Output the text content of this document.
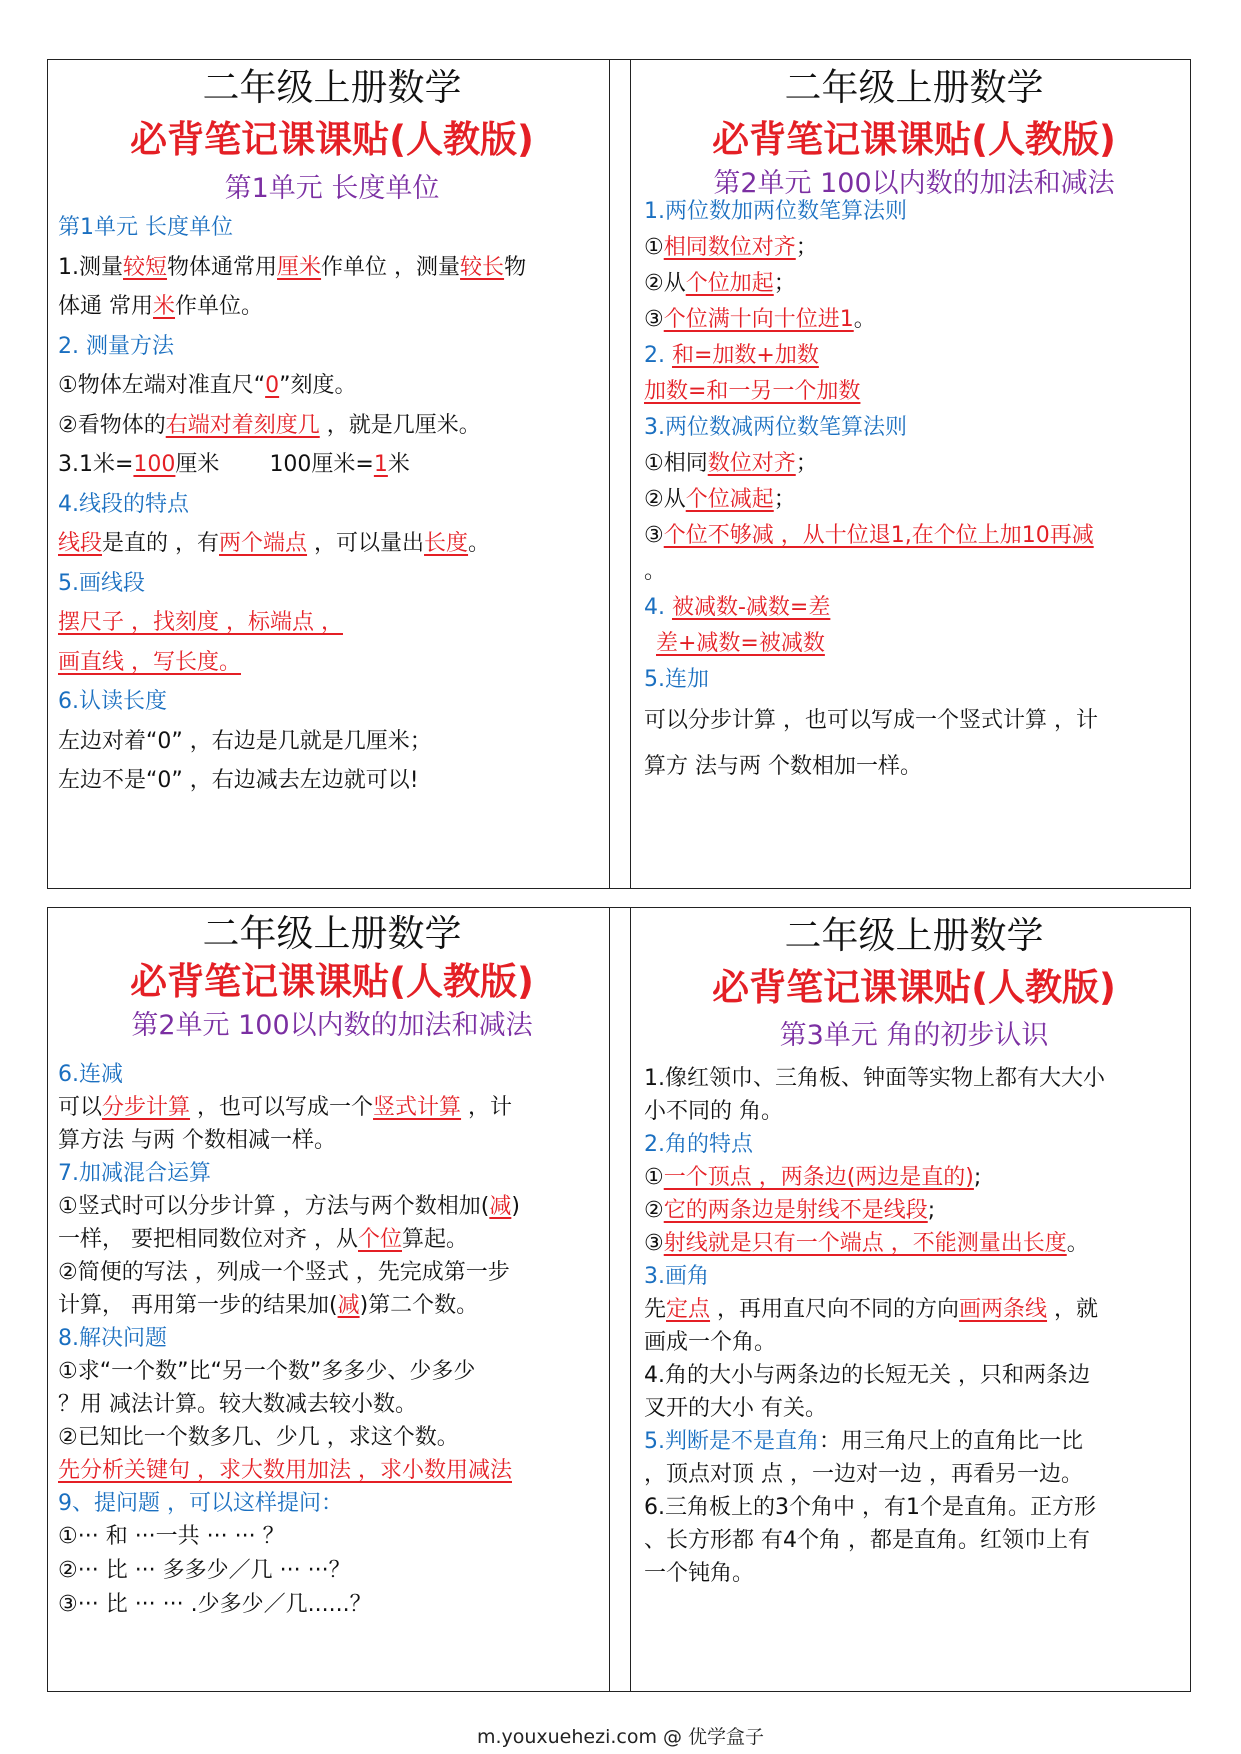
二年级上册数学
必背笔记课课贴(人教版)
第1单元 长度单位
第1单元 长度单位
1.测量较短物体通常用厘米作单位 ，测量较长物
体通 常用米作单位。
2. 测量方法
①物体左端对准直尺“0”刻度。
②看物体的右端对着刻度几 ，就是几厘米。
3.1米=100厘米 100厘米=1米
4.线段的特点
线段是直的 ，有两个端点 ，可以量出长度。
5.画线段
摆尺子 ，找刻度 ，标端点 ，
画直线 ，写长度。
6.认读长度
左边对着“0” ，右边是几就是几厘米；
左边不是“0” ，右边减去左边就可以!
二年级上册数学
必背笔记课课贴(人教版)
第2单元 100以内数的加法和减法
1.两位数加两位数笔算法则
①相同数位对齐；
②从个位加起；
③个位满十向十位进1。
2. 和=加数+加数
加数=和一另一个加数
3.两位数减两位数笔算法则
①相同数位对齐；
②从个位减起；
③个位不够减 ，从十位退1,在个位上加10再减
。
4. 被减数-减数=差
差+减数=被减数
5.连加
可以分步计算 ，也可以写成一个竖式计算 ，计
算方 法与两 个数相加一样。
二年级上册数学
必背笔记课课贴(人教版)
第2单元 100以内数的加法和减法
6.连减
可以分步计算 ，也可以写成一个竖式计算 ，计
算方法 与两 个数相减一样。
7.加减混合运算
①竖式时可以分步计算 ，方法与两个数相加(减)
一样， 要把相同数位对齐 ，从个位算起。
②简便的写法 ，列成一个竖式 ，先完成第一步
计算， 再用第一步的结果加(减)第二个数。
8.解决问题
①求“一个数”比“另一个数”多多少、少多少
？用 减法计算。较大数减去较小数。
②已知比一个数多几、少几 ，求这个数。
先分析关键句 ，求大数用加法 ，求小数用减法
9、提问题 ，可以这样提问：
①··· 和 ···一共 ··· ··· ？
②··· 比 ··· 多多少／几 ··· ···？
③··· 比 ··· ··· .少多少／几......？
二年级上册数学
必背笔记课课贴(人教版)
第3单元 角的初步认识
1.像红领巾、三角板、钟面等实物上都有大大小
小不同的 角。
2.角的特点
①一个顶点 ，两条边(两边是直的);
②它的两条边是射线不是线段;
③射线就是只有一个端点 ，不能测量出长度。
3.画角
先定点 ，再用直尺向不同的方向画两条线 ，就
画成一个角。
4.角的大小与两条边的长短无关 ，只和两条边
叉开的大小 有关。
5.判断是不是直角：用三角尺上的直角比一比
，顶点对顶 点 ，一边对一边 ，再看另一边。
6.三角板上的3个角中 ，有1个是直角。正方形
、长方形都 有4个角 ，都是直角。红领巾上有
一个钝角。
m.youxuehezi.com @ 优学盒子
